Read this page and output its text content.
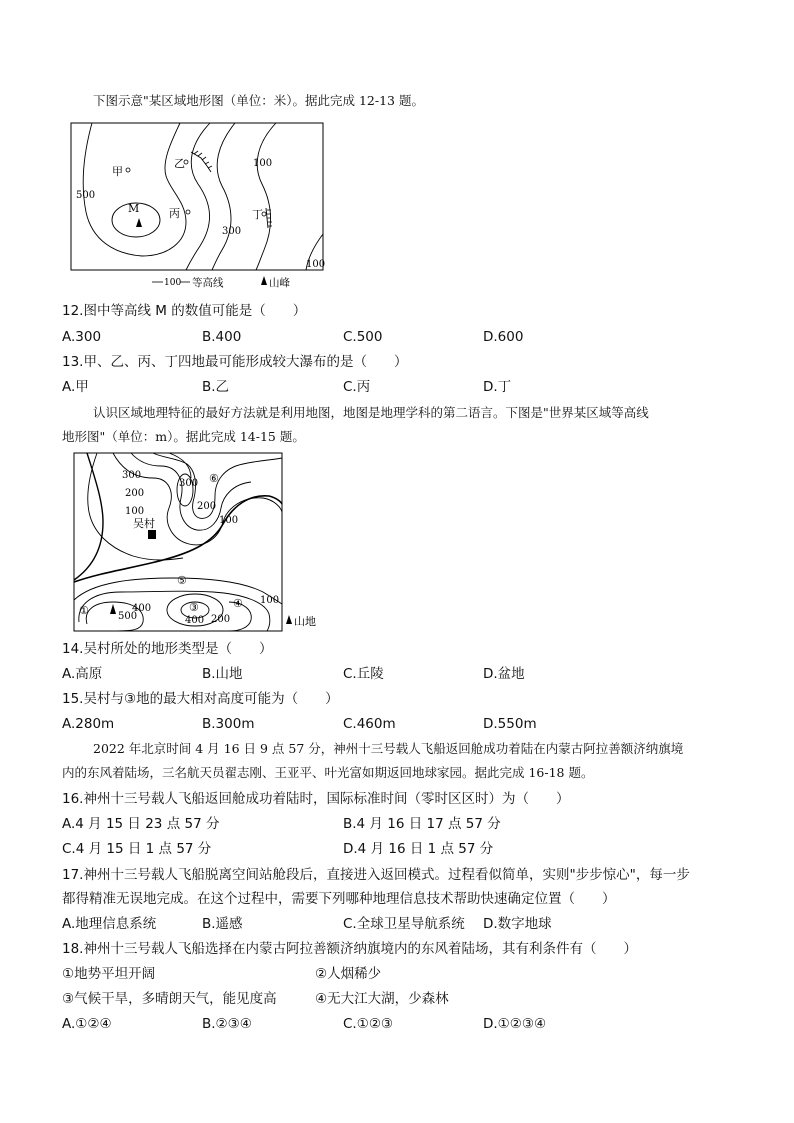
下图示意"某区域地形图（单位：米）。据此完成 12-13 题。
甲
乙
丙	丁
M
500
300
100
100
100 等高线	山峰
12.图中等高线 M 的数值可能是（　　）
A.300	B.400	C.500	D.600
13.甲、乙、丙、丁四地最可能形成较大瀑布的是（　　）
A.甲	B.乙	C.丙	D.丁
认识区域地理特征的最好方法就是利用地图，地图是地理学科的第二语言。下图是"世界某区域等高线
地形图"（单位：m）。据此完成 14-15 题。
300
200
100
300
200
100
⑥
吴村
⑤
①	400
500
③	④ 100
400 200	山地
14.吴村所处的地形类型是（　　）
A.高原	B.山地	C.丘陵	D.盆地
15.吴村与③地的最大相对高度可能为（　　）
A.280m	B.300m	C.460m	D.550m
2022 年北京时间 4 月 16 日 9 点 57 分，神州十三号载人飞船返回舱成功着陆在内蒙古阿拉善额济纳旗境
内的东风着陆场，三名航天员翟志刚、王亚平、叶光富如期返回地球家园。据此完成 16-18 题。
16.神州十三号载人飞船返回舱成功着陆时，国际标准时间（零时区区时）为（　　）
A.4 月 15 日 23 点 57 分	B.4 月 16 日 17 点 57 分
C.4 月 15 日 1 点 57 分	D.4 月 16 日 1 点 57 分
17.神州十三号载人飞船脱离空间站舱段后，直接进入返回模式。过程看似简单，实则"步步惊心"，每一步
都得精准无误地完成。在这个过程中，需要下列哪种地理信息技术帮助快速确定位置（　　）
A.地理信息系统	B.遥感	C.全球卫星导航系统 D.数字地球
18.神州十三号载人飞船选择在内蒙古阿拉善额济纳旗境内的东风着陆场，其有利条件有（　　）
①地势平坦开阔	②人烟稀少
③气候干旱，多晴朗天气，能见度高	④无大江大湖，少森林
A.①②④	B.②③④	C.①②③	D.①②③④
